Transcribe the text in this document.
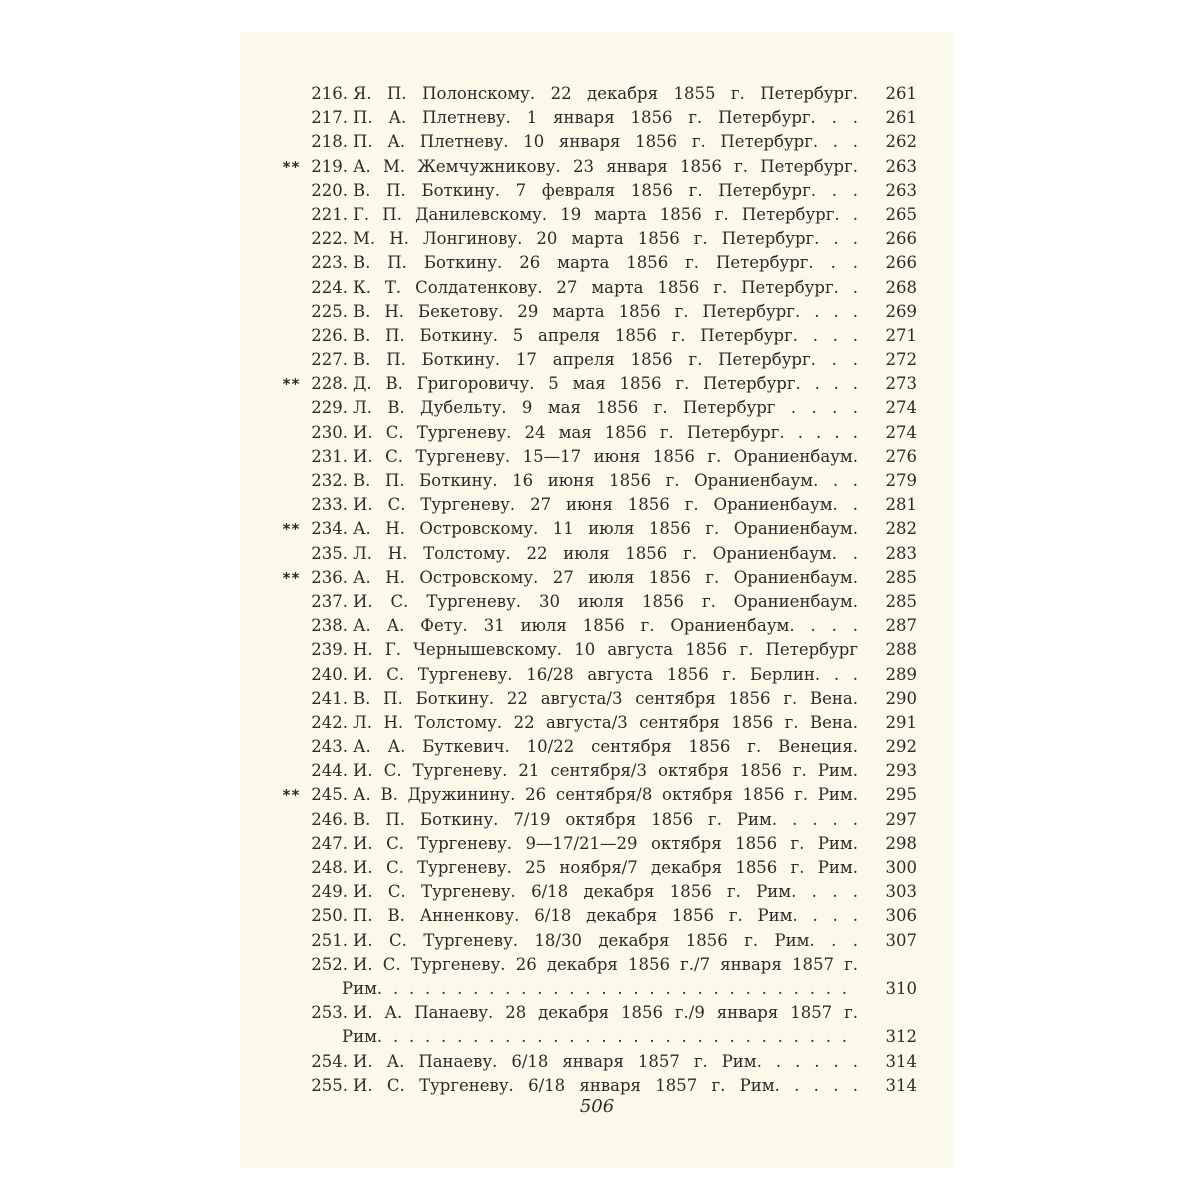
216. Я. П. Полонскому. 22 декабря 1855 г. Петербург. 261
217. П. А. Плетневу. 1 января 1856 г. Петербург. . . 261
218. П. А. Плетневу. 10 января 1856 г. Петербург. . . 262
** 219. А. М. Жемчужникову. 23 января 1856 г. Петербург. 263
220. В. П. Боткину. 7 февраля 1856 г. Петербург. . . 263
221. Г. П. Данилевскому. 19 марта 1856 г. Петербург. . 265
222. М. Н. Лонгинову. 20 марта 1856 г. Петербург. . . 266
223. В. П. Боткину. 26 марта 1856 г. Петербург. . . 266
224. К. Т. Солдатенкову. 27 марта 1856 г. Петербург. . 268
225. В. Н. Бекетову. 29 марта 1856 г. Петербург. . . . 269
226. В. П. Боткину. 5 апреля 1856 г. Петербург. . . . 271
227. В. П. Боткину. 17 апреля 1856 г. Петербург. . . 272
** 228. Д. В. Григоровичу. 5 мая 1856 г. Петербург. . . . 273
229. Л. В. Дубельту. 9 мая 1856 г. Петербург . . . . 274
230. И. С. Тургеневу. 24 мая 1856 г. Петербург. . . . . 274
231. И. С. Тургеневу. 15—17 июня 1856 г. Ораниенбаум. 276
232. В. П. Боткину. 16 июня 1856 г. Ораниенбаум. . . 279
233. И. С. Тургеневу. 27 июня 1856 г. Ораниенбаум. . 281
** 234. А. Н. Островскому. 11 июля 1856 г. Ораниенбаум. 282
235. Л. Н. Толстому. 22 июля 1856 г. Ораниенбаум. . 283
** 236. А. Н. Островскому. 27 июля 1856 г. Ораниенбаум. 285
237. И. С. Тургеневу. 30 июля 1856 г. Ораниенбаум. 285
238. А. А. Фету. 31 июля 1856 г. Ораниенбаум. . . . 287
239. Н. Г. Чернышевскому. 10 августа 1856 г. Петербург 288
240. И. С. Тургеневу. 16/28 августа 1856 г. Берлин. . . 289
241. В. П. Боткину. 22 августа/3 сентября 1856 г. Вена. 290
242. Л. Н. Толстому. 22 августа/3 сентября 1856 г. Вена. 291
243. А. А. Буткевич. 10/22 сентября 1856 г. Венеция. 292
244. И. С. Тургеневу. 21 сентября/3 октября 1856 г. Рим. 293
** 245. А. В. Дружинину. 26 сентября/8 октября 1856 г. Рим. 295
246. В. П. Боткину. 7/19 октября 1856 г. Рим. . . . . 297
247. И. С. Тургеневу. 9—17/21—29 октября 1856 г. Рим. 298
248. И. С. Тургеневу. 25 ноября/7 декабря 1856 г. Рим. 300
249. И. С. Тургеневу. 6/18 декабря 1856 г. Рим. . . . 303
250. П. В. Анненкову. 6/18 декабря 1856 г. Рим. . . . 306
251. И. С. Тургеневу. 18/30 декабря 1856 г. Рим. . . 307
252. И. С. Тургеневу. 26 декабря 1856 г./7 января 1857 г.
Рим. . . . . . . . . . . . . . . . . . . . . . . . . . . . . . 310
253. И. А. Панаеву. 28 декабря 1856 г./9 января 1857 г.
Рим. . . . . . . . . . . . . . . . . . . . . . . . . . . . . . 312
254. И. А. Панаеву. 6/18 января 1857 г. Рим. . . . . . 314
255. И. С. Тургеневу. 6/18 января 1857 г. Рим. . . . . 314
506
